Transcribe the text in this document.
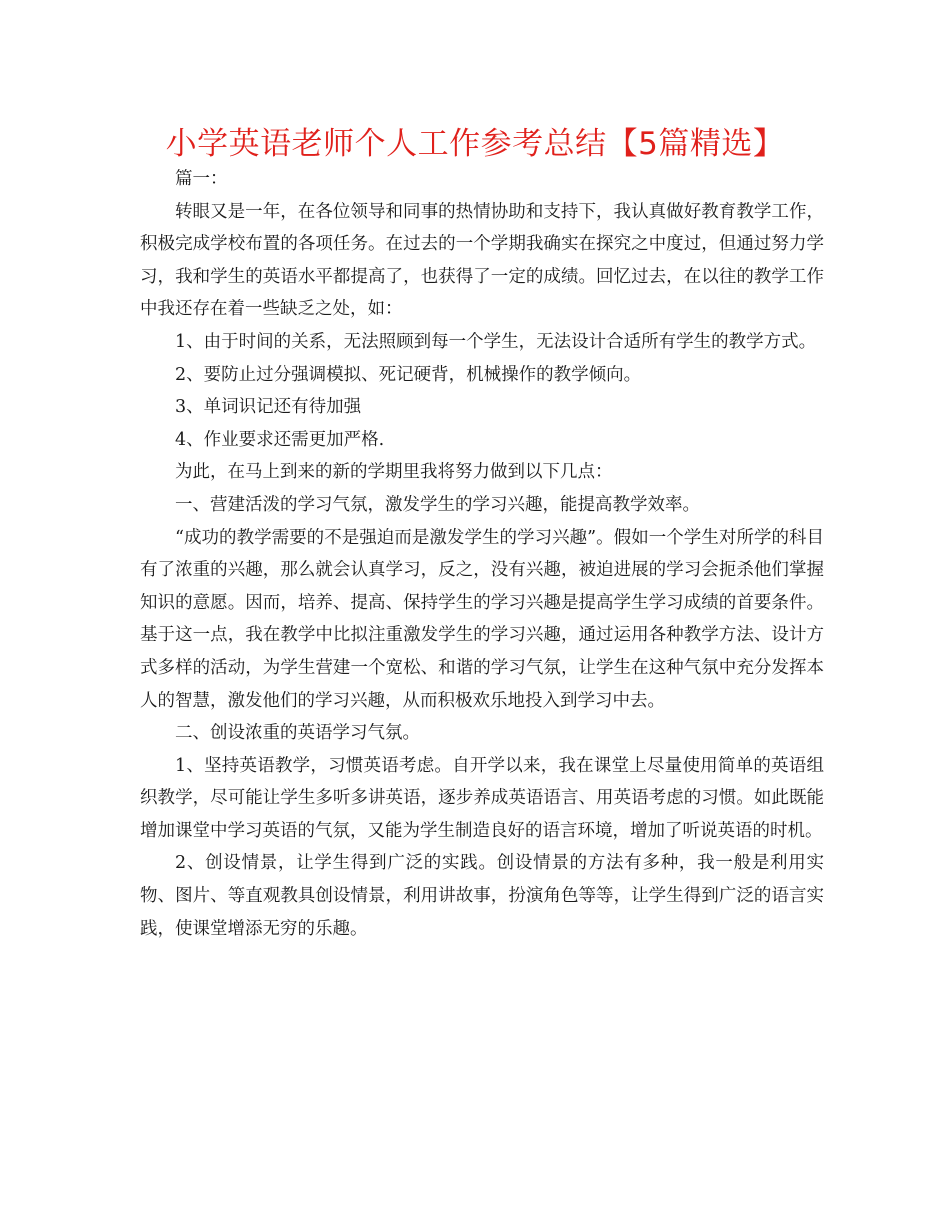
小学英语老师个人工作参考总结【5篇精选】

篇一：

转眼又是一年，在各位领导和同事的热情协助和支持下，我认真做好教育教学工作，积极完成学校布置的各项任务。在过去的一个学期我确实在探究之中度过，但通过努力学习，我和学生的英语水平都提高了，也获得了一定的成绩。回忆过去，在以往的教学工作中我还存在着一些缺乏之处，如：

1、由于时间的关系，无法照顾到每一个学生，无法设计合适所有学生的教学方式。

2、要防止过分强调模拟、死记硬背，机械操作的教学倾向。

3、单词识记还有待加强

4、作业要求还需更加严格.

为此，在马上到来的新的学期里我将努力做到以下几点：

一、营建活泼的学习气氛，激发学生的学习兴趣，能提高教学效率。

“成功的教学需要的不是强迫而是激发学生的学习兴趣”。假如一个学生对所学的科目有了浓重的兴趣，那么就会认真学习，反之，没有兴趣，被迫进展的学习会扼杀他们掌握知识的意愿。因而，培养、提高、保持学生的学习兴趣是提高学生学习成绩的首要条件。基于这一点，我在教学中比拟注重激发学生的学习兴趣，通过运用各种教学方法、设计方式多样的活动，为学生营建一个宽松、和谐的学习气氛，让学生在这种气氛中充分发挥本人的智慧，激发他们的学习兴趣，从而积极欢乐地投入到学习中去。

二、创设浓重的英语学习气氛。

1、坚持英语教学，习惯英语考虑。自开学以来，我在课堂上尽量使用简单的英语组织教学，尽可能让学生多听多讲英语，逐步养成英语语言、用英语考虑的习惯。如此既能增加课堂中学习英语的气氛，又能为学生制造良好的语言环境，增加了听说英语的时机。

2、创设情景，让学生得到广泛的实践。创设情景的方法有多种，我一般是利用实物、图片、等直观教具创设情景，利用讲故事，扮演角色等等，让学生得到广泛的语言实践，使课堂增添无穷的乐趣。
